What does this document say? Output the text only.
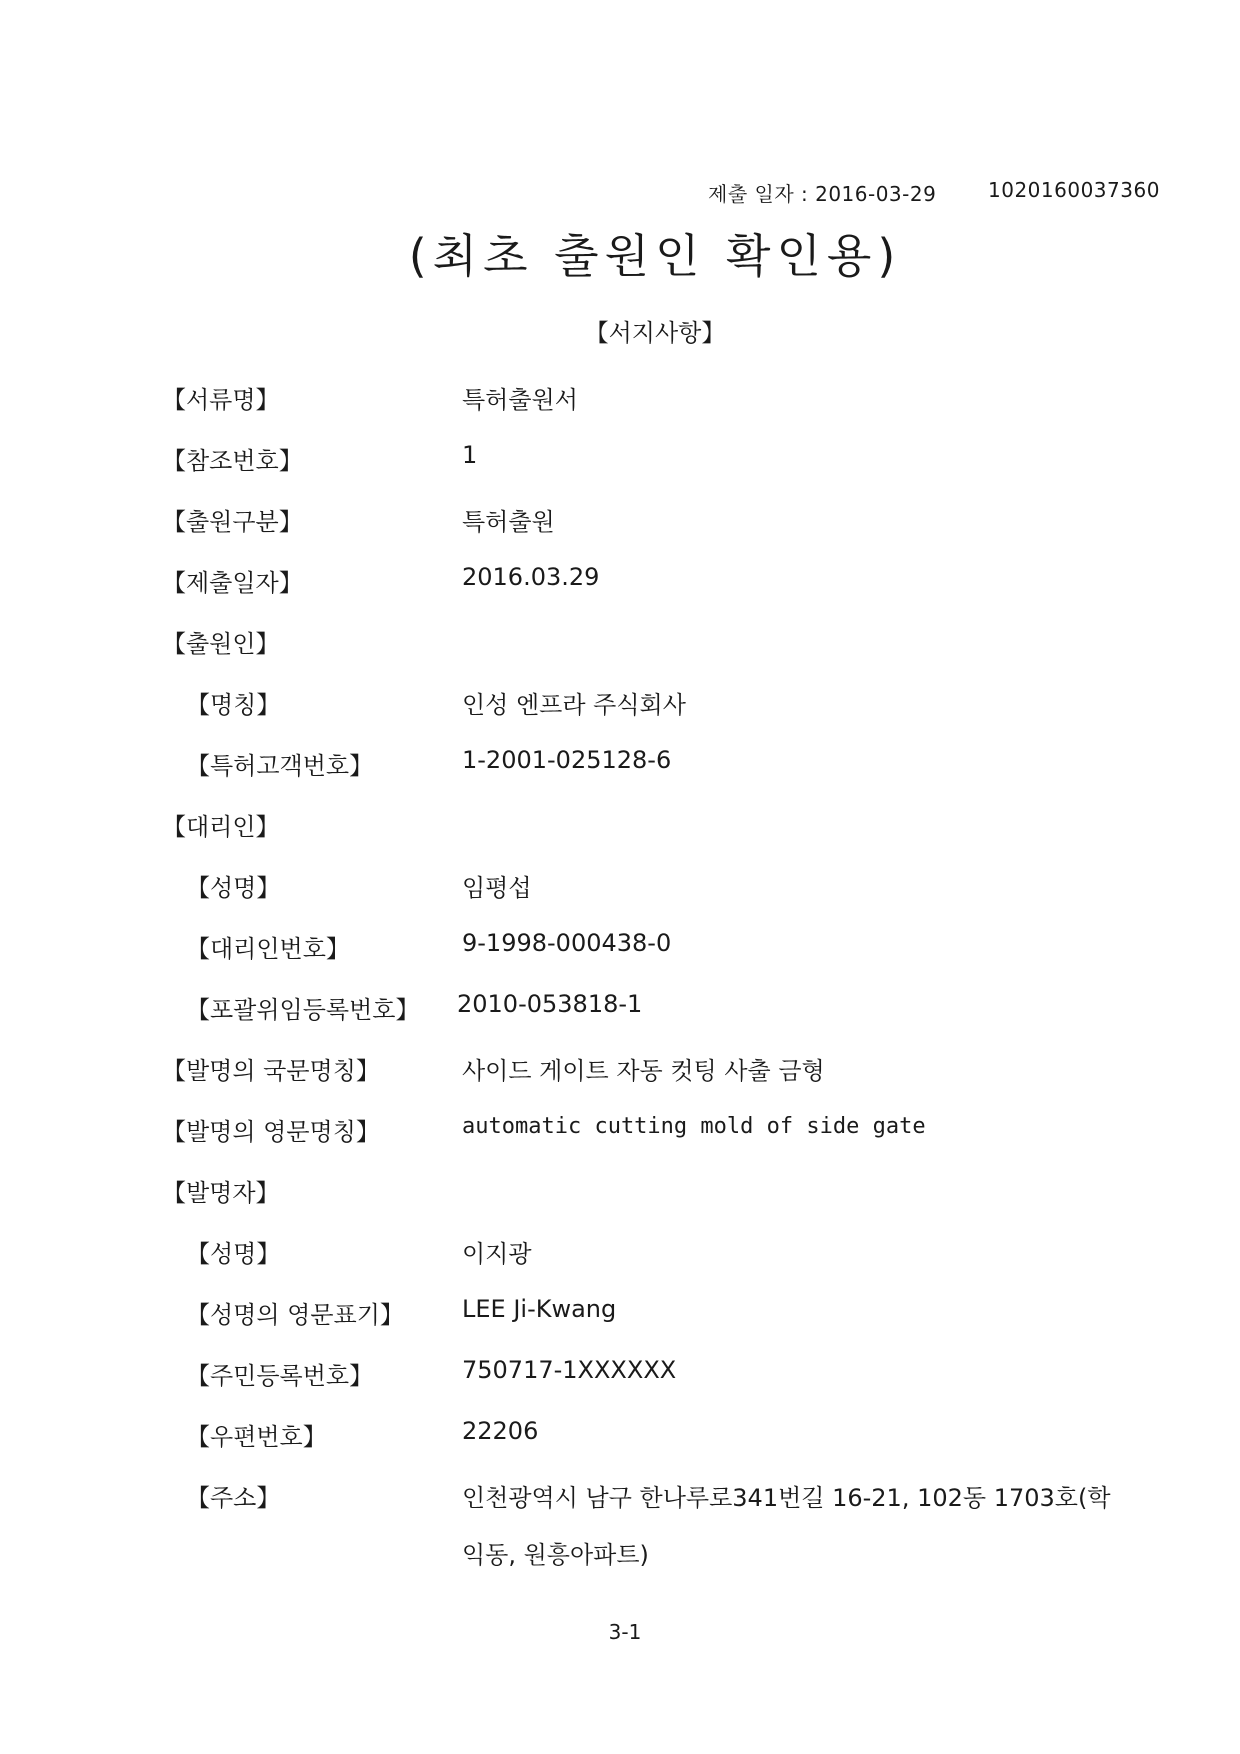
제출 일자 : 2016-03-29	1020160037360
(최초 출원인 확인용)
【서지사항】
【서류명】	특허출원서
【참조번호】	1
【출원구분】	특허출원
【제출일자】	2016.03.29
【출원인】
【명칭】	인성 엔프라 주식회사
【특허고객번호】	1-2001-025128-6
【대리인】
【성명】	임평섭
【대리인번호】	9-1998-000438-0
【포괄위임등록번호】 2010-053818-1
【발명의 국문명칭】	사이드 게이트 자동 컷팅 사출 금형
【발명의 영문명칭】	automatic cutting mold of side gate
【발명자】
【성명】	이지광
【성명의 영문표기】 LEE Ji-Kwang
【주민등록번호】	750717-1XXXXXX
【우편번호】	22206
【주소】	인천광역시 남구 한나루로341번길 16-21, 102동 1703호(학
익동, 원흥아파트)
3-1
